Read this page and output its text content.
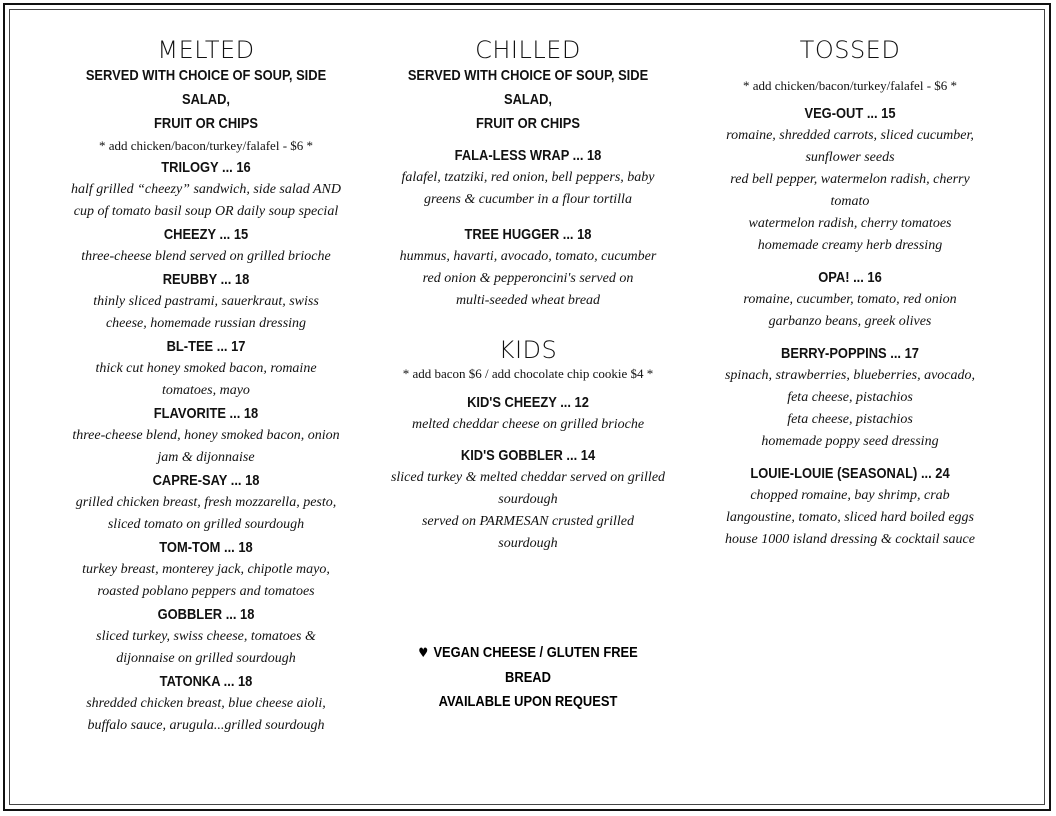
MELTED
SERVED WITH CHOICE OF SOUP, SIDE SALAD,
FRUIT OR CHIPS
* add chicken/bacon/turkey/falafel - $6 *
TRILOGY ... 16
half grilled “cheezy” sandwich, side salad AND
cup of tomato basil soup OR daily soup special
CHEEZY ... 15
three-cheese blend served on grilled brioche
REUBBY ... 18
thinly sliced pastrami, sauerkraut, swiss
cheese, homemade russian dressing
BL-TEE ... 17
thick cut honey smoked bacon, romaine
tomatoes, mayo
FLAVORITE ... 18
three-cheese blend, honey smoked bacon, onion
jam & dijonnaise
CAPRE-SAY ... 18
grilled chicken breast, fresh mozzarella, pesto,
sliced tomato on grilled sourdough
TOM-TOM ... 18
turkey breast, monterey jack, chipotle mayo,
roasted poblano peppers and tomatoes
GOBBLER ... 18
sliced turkey, swiss cheese, tomatoes &
dijonnaise on grilled sourdough
TATONKA ... 18
shredded chicken breast, blue cheese aioli,
buffalo sauce, arugula...grilled sourdough
CHILLED
SERVED WITH CHOICE OF SOUP, SIDE SALAD,
FRUIT OR CHIPS
FALA-LESS WRAP ... 18
falafel, tzatziki, red onion, bell peppers, baby
greens & cucumber in a flour tortilla
TREE HUGGER ... 18
hummus, havarti, avocado, tomato, cucumber
red onion & pepperoncini's served on
multi-seeded wheat bread
KIDS
* add bacon $6 / add chocolate chip cookie $4 *
KID'S CHEEZY ... 12
melted cheddar cheese on grilled brioche
KID'S GOBBLER ... 14
sliced turkey & melted cheddar served on grilled
sourdough
served on PARMESAN crusted grilled
sourdough
♥ VEGAN CHEESE / GLUTEN FREE BREAD
AVAILABLE UPON REQUEST
TOSSED
* add chicken/bacon/turkey/falafel - $6 *
VEG-OUT ... 15
romaine, shredded carrots, sliced cucumber,
sunflower seeds
red bell pepper, watermelon radish, cherry
tomato
watermelon radish, cherry tomatoes
homemade creamy herb dressing
OPA! ... 16
romaine, cucumber, tomato, red onion
garbanzo beans, greek olives
BERRY-POPPINS ... 17
spinach, strawberries, blueberries, avocado,
feta cheese, pistachios
feta cheese, pistachios
homemade poppy seed dressing
LOUIE-LOUIE (SEASONAL) ... 24
chopped romaine, bay shrimp, crab
langoustine, tomato, sliced hard boiled eggs
house 1000 island dressing & cocktail sauce
